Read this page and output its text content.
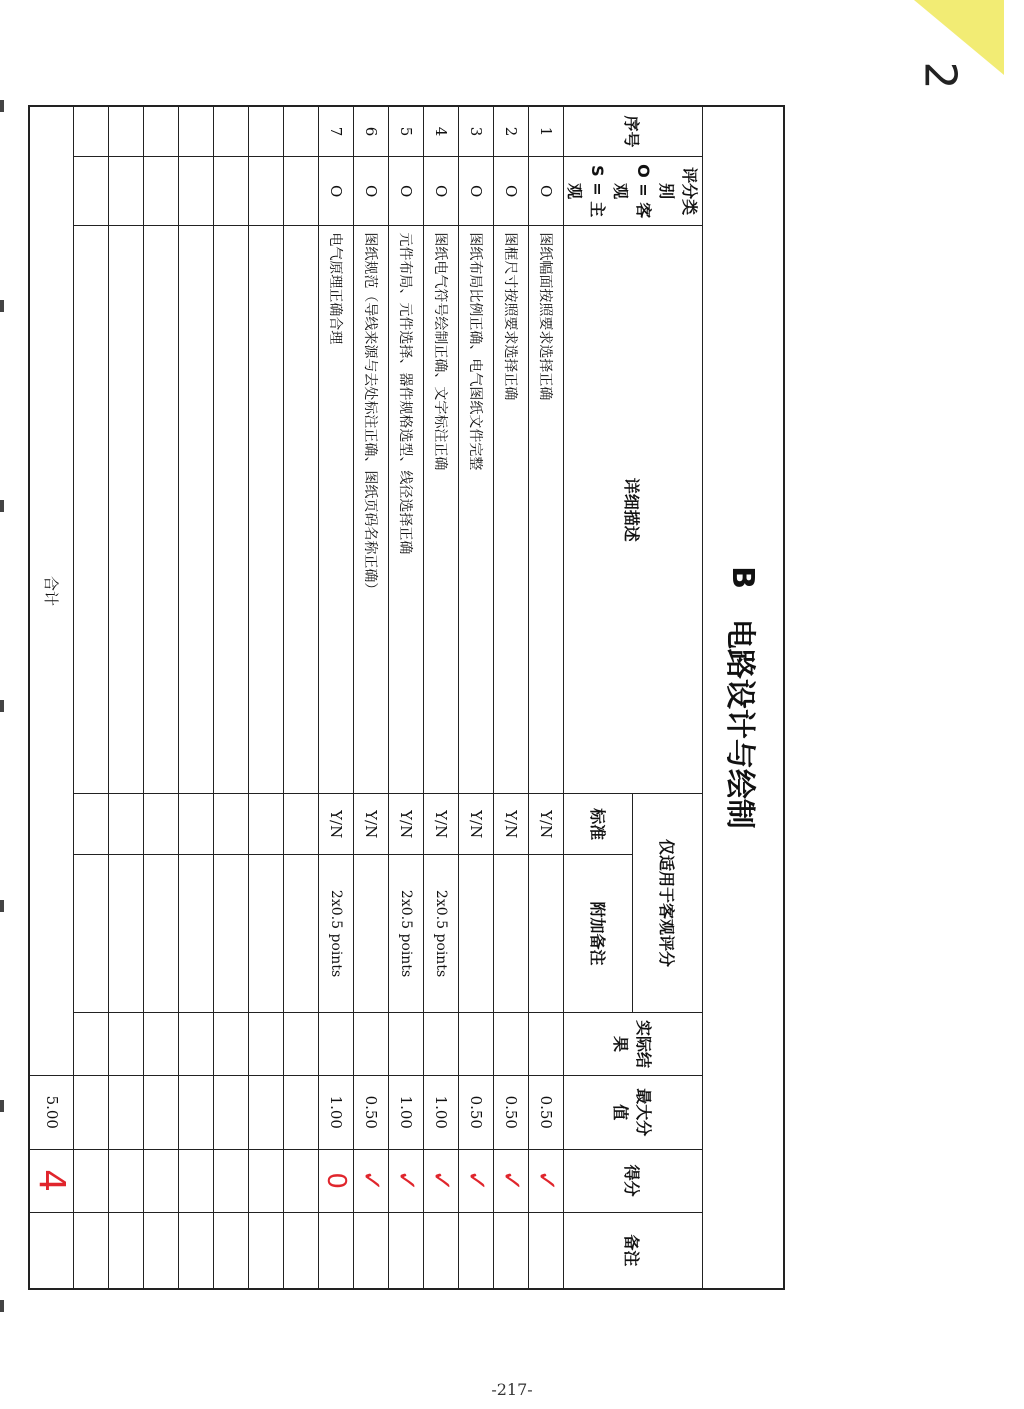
2
B
电路设计与绘制
序号	评分类别
O = 客观
S = 主观	详细描述	仅适用于客观评分		实际结果	最大分值	得分	备注
			标准	附加备注				
1	O	图纸幅面按照要求选择正确	Y/N			0.50	✓	
2	O	图框尺寸按照要求选择正确	Y/N			0.50	✓	
3	O	图纸布局比例正确、电气图纸文件完整	Y/N			0.50	✓	
4	O	图纸电气符号绘制正确、文字标注正确	Y/N	2x0.5 points		1.00	✓	
5	O	元件布局、元件选择、器件规格选型、线径选择正确	Y/N	2x0.5 points		1.00	✓	
6	O	图纸规范（导线来源与去处标注正确、图纸页码名称正确）	Y/N			0.50	✓	
7	O	电气原理正确合理	Y/N	2x0.5 points		1.00	0	

合计						5.00	4	
-217-
